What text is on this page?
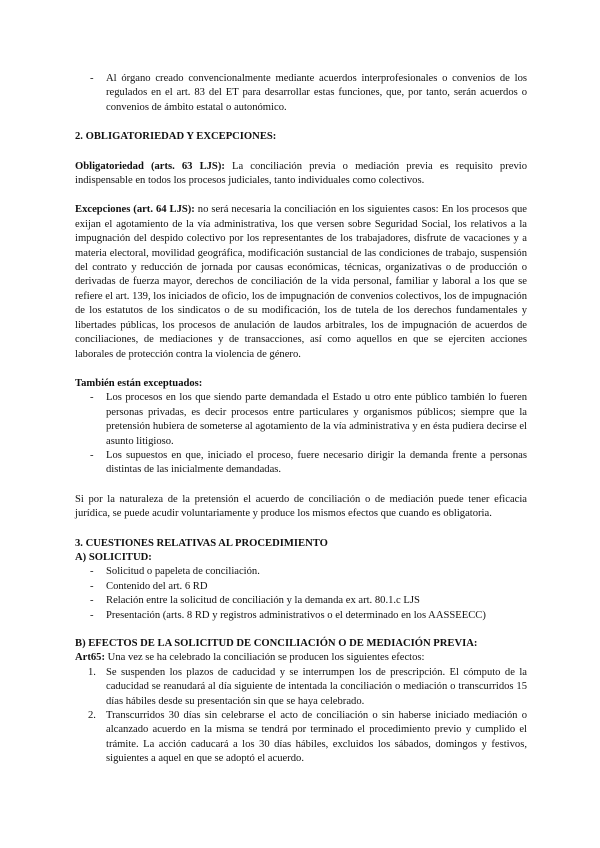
- Al órgano creado convencionalmente mediante acuerdos interprofesionales o convenios de los regulados en el art. 83 del ET para desarrollar estas funciones, que, por tanto, serán acuerdos o convenios de ámbito estatal o autonómico.

2. OBLIGATORIEDAD Y EXCEPCIONES:

Obligatoriedad (arts. 63 LJS): La conciliación previa o mediación previa es requisito previo indispensable en todos los procesos judiciales, tanto individuales como colectivos.

Excepciones (art. 64 LJS): no será necesaria la conciliación en los siguientes casos: En los procesos que exijan el agotamiento de la vía administrativa, los que versen sobre Seguridad Social, los relativos a la impugnación del despido colectivo por los representantes de los trabajadores, disfrute de vacaciones y a materia electoral, movilidad geográfica, modificación sustancial de las condiciones de trabajo, suspensión del contrato y reducción de jornada por causas económicas, técnicas, organizativas o de producción o derivadas de fuerza mayor, derechos de conciliación de la vida personal, familiar y laboral a los que se refiere el art. 139, los iniciados de oficio, los de impugnación de convenios colectivos, los de impugnación de los estatutos de los sindicatos o de su modificación, los de tutela de los derechos fundamentales y libertades públicas, los procesos de anulación de laudos arbitrales, los de impugnación de acuerdos de conciliaciones, de mediaciones y de transacciones, así como aquellos en que se ejerciten acciones laborales de protección contra la violencia de género.

También están exceptuados:

- Los procesos en los que siendo parte demandada el Estado u otro ente público también lo fueren personas privadas, es decir procesos entre particulares y organismos públicos; siempre que la pretensión hubiera de someterse al agotamiento de la vía administrativa y en ésta pudiera decirse el asunto litigioso.
- Los supuestos en que, iniciado el proceso, fuere necesario dirigir la demanda frente a personas distintas de las inicialmente demandadas.

Si por la naturaleza de la pretensión el acuerdo de conciliación o de mediación puede tener eficacia jurídica, se puede acudir voluntariamente y produce los mismos efectos que cuando es obligatoria.

3. CUESTIONES RELATIVAS AL PROCEDIMIENTO

A) SOLICITUD:

- Solicitud o papeleta de conciliación.
- Contenido del art. 6 RD
- Relación entre la solicitud de conciliación y la demanda ex art. 80.1.c LJS
- Presentación (arts. 8 RD y registros administrativos o el determinado en los AASSEECC)

B) EFECTOS DE LA SOLICITUD DE CONCILIACIÓN O DE MEDIACIÓN PREVIA:

Art65: Una vez se ha celebrado la conciliación se producen los siguientes efectos:

1. Se suspenden los plazos de caducidad y se interrumpen los de prescripción. El cómputo de la caducidad se reanudará al día siguiente de intentada la conciliación o mediación o transcurridos 15 días hábiles desde su presentación sin que se haya celebrado.
2. Transcurridos 30 días sin celebrarse el acto de conciliación o sin haberse iniciado mediación o alcanzado acuerdo en la misma se tendrá por terminado el procedimiento previo y cumplido el trámite. La acción caducará a los 30 días hábiles, excluidos los sábados, domingos y festivos, siguientes a aquel en que se adoptó el acuerdo.
